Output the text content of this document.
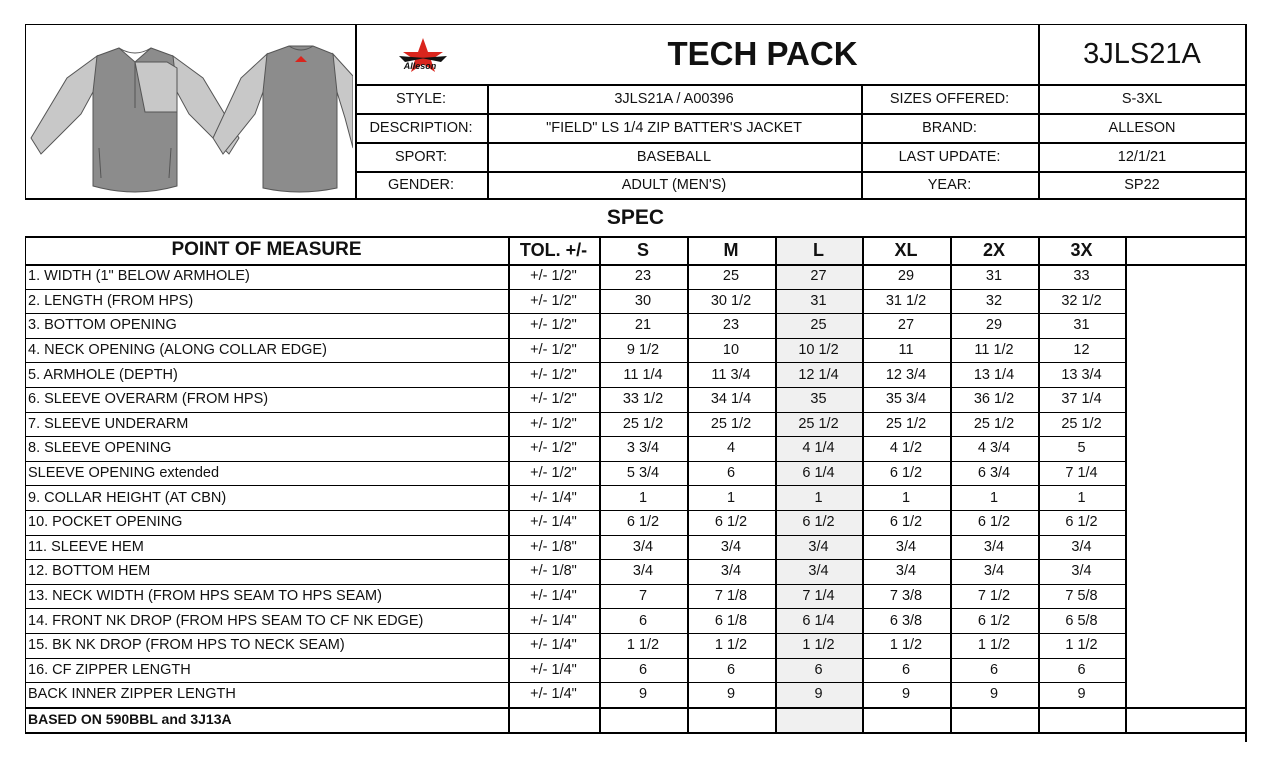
Alleson	TECH PACK	3JLS21A
STYLE:	3JLS21A / A00396	SIZES OFFERED:	S-3XL
DESCRIPTION:	"FIELD" LS 1/4 ZIP BATTER'S JACKET	BRAND:	ALLESON
SPORT:	BASEBALL	LAST UPDATE:	12/1/21
GENDER:	ADULT (MEN'S)	YEAR:	SP22
SPEC
POINT OF MEASURE	TOL. +/-	S	M	L	XL	2X	3X
1. WIDTH (1" BELOW ARMHOLE)	+/- 1/2"	23	25	27	29	31	33
2. LENGTH (FROM HPS)	+/- 1/2"	30	30 1/2	31	31 1/2	32	32 1/2
3. BOTTOM OPENING	+/- 1/2"	21	23	25	27	29	31
4. NECK OPENING (ALONG COLLAR EDGE)	+/- 1/2"	9 1/2	10	10 1/2	11	11 1/2	12
5. ARMHOLE (DEPTH)	+/- 1/2"	11 1/4	11 3/4	12 1/4	12 3/4	13 1/4	13 3/4
6. SLEEVE OVERARM (FROM HPS)	+/- 1/2"	33 1/2	34 1/4	35	35 3/4	36 1/2	37 1/4
7. SLEEVE UNDERARM	+/- 1/2"	25 1/2	25 1/2	25 1/2	25 1/2	25 1/2	25 1/2
8. SLEEVE OPENING	+/- 1/2"	3 3/4	4	4 1/4	4 1/2	4 3/4	5
SLEEVE OPENING extended	+/- 1/2"	5 3/4	6	6 1/4	6 1/2	6 3/4	7 1/4
9. COLLAR HEIGHT (AT CBN)	+/- 1/4"	1	1	1	1	1	1
10. POCKET OPENING	+/- 1/4"	6 1/2	6 1/2	6 1/2	6 1/2	6 1/2	6 1/2
11. SLEEVE HEM	+/- 1/8"	3/4	3/4	3/4	3/4	3/4	3/4
12. BOTTOM HEM	+/- 1/8"	3/4	3/4	3/4	3/4	3/4	3/4
13. NECK WIDTH (FROM HPS SEAM TO HPS SEAM)	+/- 1/4"	7	7 1/8	7 1/4	7 3/8	7 1/2	7 5/8
14. FRONT NK DROP (FROM HPS SEAM TO CF NK EDGE)	+/- 1/4"	6	6 1/8	6 1/4	6 3/8	6 1/2	6 5/8
15. BK NK DROP (FROM HPS TO NECK SEAM)	+/- 1/4"	1 1/2	1 1/2	1 1/2	1 1/2	1 1/2	1 1/2
16. CF ZIPPER LENGTH	+/- 1/4"	6	6	6	6	6	6
BACK INNER ZIPPER LENGTH	+/- 1/4"	9	9	9	9	9	9
BASED ON 590BBL and 3J13A
